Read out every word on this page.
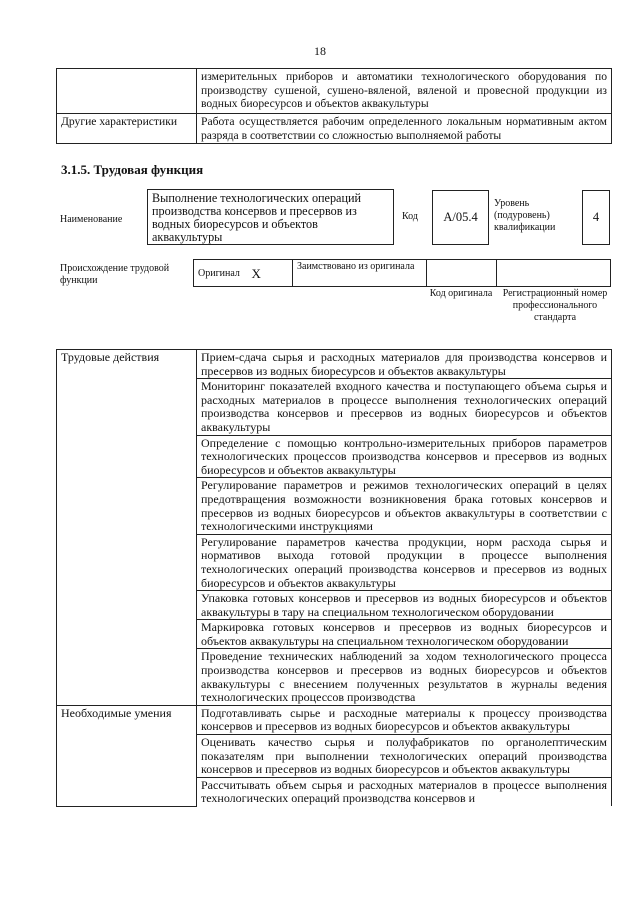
18
	измерительных приборов и автоматики технологического оборудования по производству сушеной, сушено-вяленой, вяленой и провесной продукции из водных биоресурсов и объектов аквакультуры
Другие характеристики	Работа осуществляется рабочим определенного локальным нормативным актом разряда в соответствии со сложностью выполняемой работы
3.1.5. Трудовая функция
Наименование
Выполнение технологических операций производства консервов и пресервов из водных биоресурсов и объектов аквакультуры
Код	A/05.4
Уровень (подуровень) квалификации
4
Происхождение трудовой функции
Оригинал	X	Заимствовано из оригинала		
Код оригинала	Регистрационный номер профессионального стандарта
Трудовые действия	Прием-сдача сырья и расходных материалов для производства консервов и пресервов из водных биоресурсов и объектов аквакультуры
	Мониторинг показателей входного качества и поступающего объема сырья и расходных материалов в процессе выполнения технологических операций производства консервов и пресервов из водных биоресурсов и объектов аквакультуры
	Определение с помощью контрольно-измерительных приборов параметров технологических процессов производства консервов и пресервов из водных биоресурсов и объектов аквакультуры
	Регулирование параметров и режимов технологических операций в целях предотвращения возможности возникновения брака готовых консервов и пресервов из водных биоресурсов и объектов аквакультуры в соответствии с технологическими инструкциями
	Регулирование параметров качества продукции, норм расхода сырья и нормативов выхода готовой продукции в процессе выполнения технологических операций производства консервов и пресервов из водных биоресурсов и объектов аквакультуры
	Упаковка готовых консервов и пресервов из водных биоресурсов и объектов аквакультуры в тару на специальном технологическом оборудовании
	Маркировка готовых консервов и пресервов из водных биоресурсов и объектов аквакультуры на специальном технологическом оборудовании
	Проведение технических наблюдений за ходом технологического процесса производства консервов и пресервов из водных биоресурсов и объектов аквакультуры с внесением полученных результатов в журналы ведения технологических процессов производства
Необходимые умения	Подготавливать сырье и расходные материалы к процессу производства консервов и пресервов из водных биоресурсов и объектов аквакультуры
	Оценивать качество сырья и полуфабрикатов по органолептическим показателям при выполнении технологических операций производства консервов и пресервов из водных биоресурсов и объектов аквакультуры
	Рассчитывать объем сырья и расходных материалов в процессе выполнения технологических операций производства консервов и
